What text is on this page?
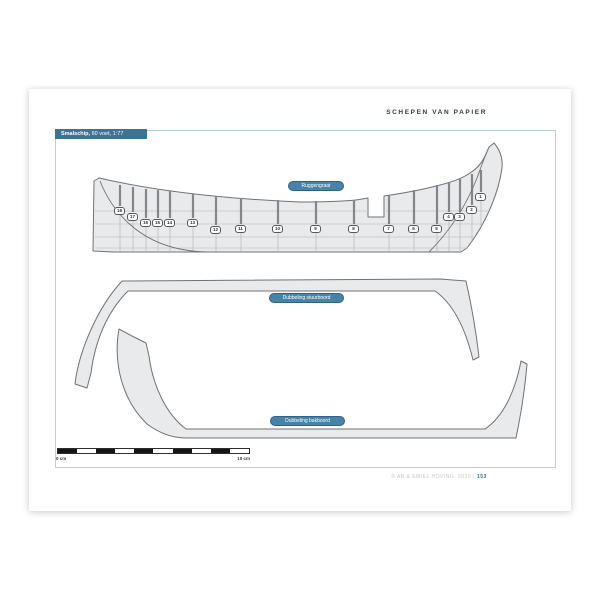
SCHEPEN VAN PAPIER
Smalschip, 60 voet, 1:77
Ruggengraat
Dubbeling stuurboord
Dubbeling bakboord
18
17
16	15	14	13
12	11	10	9	8	7	6	5
4	3
2
1
0 cm	10 cm
© AB & EMIEL HOVING, 2020 | 153
